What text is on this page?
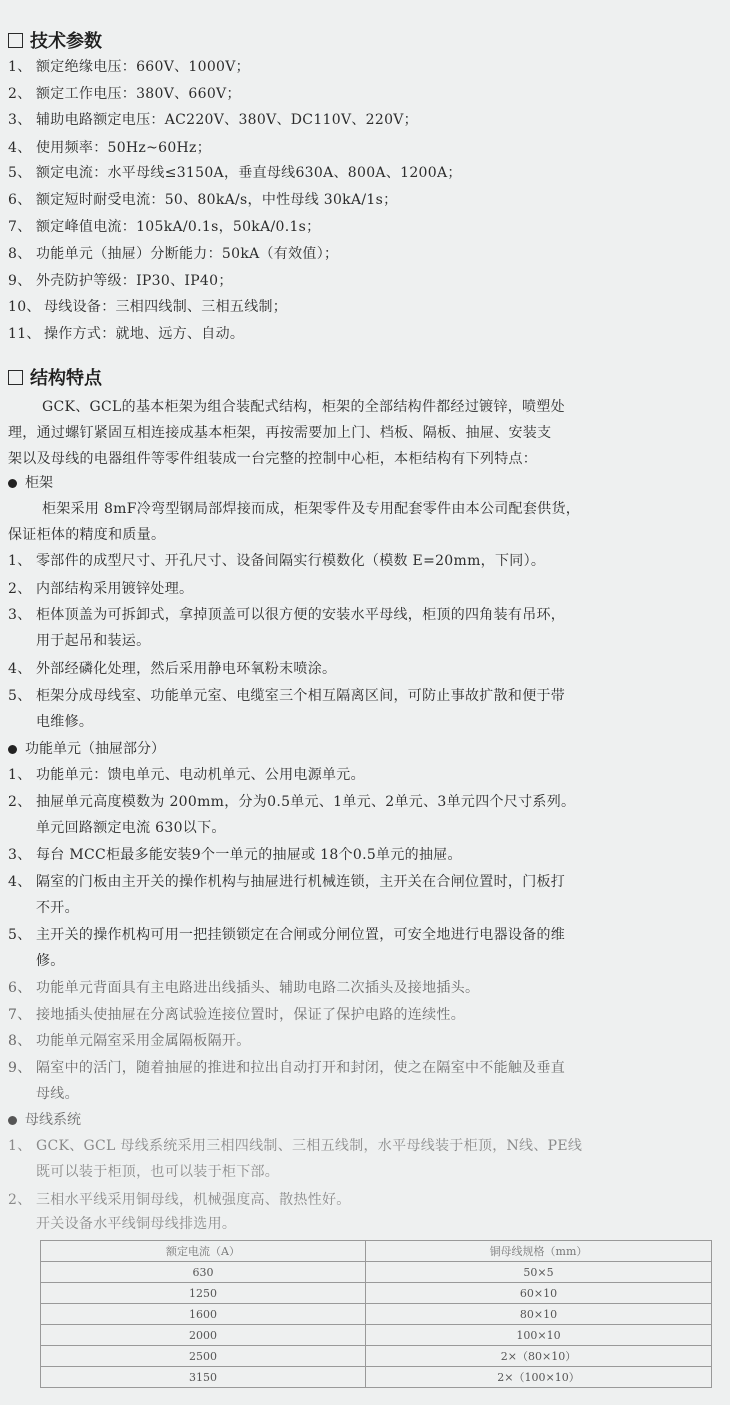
技术参数
1、 额定绝缘电压：660V、1000V；
2、 额定工作电压：380V、660V；
3、 辅助电路额定电压：AC220V、380V、DC110V、220V；
4、 使用频率：50Hz~60Hz；
5、 额定电流：水平母线≤3150A，垂直母线630A、800A、1200A；
6、 额定短时耐受电流：50、80kA/s，中性母线 30kA/1s；
7、 额定峰值电流：105kA/0.1s，50kA/0.1s；
8、 功能单元（抽屉）分断能力：50kA（有效值）；
9、 外壳防护等级：IP30、IP40；
10、 母线设备：三相四线制、三相五线制；
11、 操作方式：就地、远方、自动。
结构特点
GCK、GCL的基本柜架为组合装配式结构，柜架的全部结构件都经过镀锌，喷塑处
理，通过螺钉紧固互相连接成基本柜架，再按需要加上门、档板、隔板、抽屉、安装支
架以及母线的电器组件等零件组装成一台完整的控制中心柜，本柜结构有下列特点：
柜架
柜架采用 8mF冷弯型钢局部焊接而成，柜架零件及专用配套零件由本公司配套供货，
保证柜体的精度和质量。
1、 零部件的成型尺寸、开孔尺寸、设备间隔实行模数化（模数 E=20mm，下同）。
2、 内部结构采用镀锌处理。
3、 柜体顶盖为可拆卸式，拿掉顶盖可以很方便的安装水平母线，柜顶的四角装有吊环，
用于起吊和装运。
4、 外部经磷化处理，然后采用静电环氧粉末喷涂。
5、 柜架分成母线室、功能单元室、电缆室三个相互隔离区间，可防止事故扩散和便于带
电维修。
功能单元（抽屉部分）
1、 功能单元：馈电单元、电动机单元、公用电源单元。
2、 抽屉单元高度模数为 200mm，分为0.5单元、1单元、2单元、3单元四个尺寸系列。
单元回路额定电流 630以下。
3、 每台 MCC柜最多能安装9个一单元的抽屉或 18个0.5单元的抽屉。
4、 隔室的门板由主开关的操作机构与抽屉进行机械连锁，主开关在合闸位置时，门板打
不开。
5、 主开关的操作机构可用一把挂锁锁定在合闸或分闸位置，可安全地进行电器设备的维
修。
6、 功能单元背面具有主电路进出线插头、辅助电路二次插头及接地插头。
7、 接地插头使抽屉在分离试验连接位置时，保证了保护电路的连续性。
8、 功能单元隔室采用金属隔板隔开。
9、 隔室中的活门，随着抽屉的推进和拉出自动打开和封闭，使之在隔室中不能触及垂直
母线。
母线系统
1、 GCK、GCL 母线系统采用三相四线制、三相五线制，水平母线装于柜顶，N线、PE线
既可以装于柜顶，也可以装于柜下部。
2、 三相水平线采用铜母线，机械强度高、散热性好。
开关设备水平线铜母线排选用。
额定电流（A）	铜母线规格（mm）
630	50×5
1250	60×10
1600	80×10
2000	100×10
2500	2×（80×10）
3150	2×（100×10）
